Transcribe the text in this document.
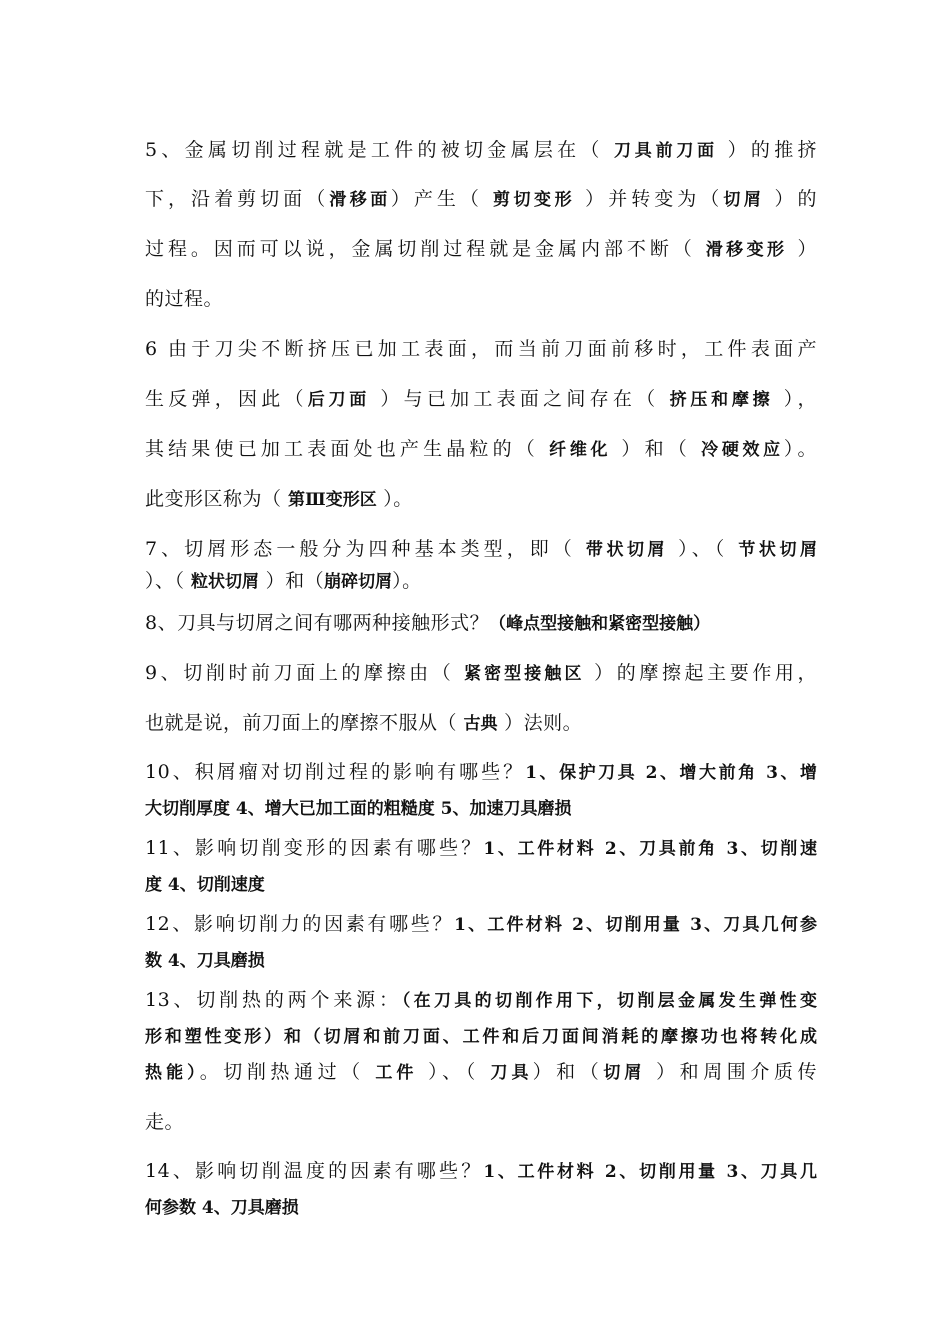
5、金属切削过程就是工件的被切金属层在（ 刀具前刀面 ）的推挤
下，沿着剪切面（滑移面）产生（ 剪切变形 ）并转变为（切屑 ）的
过程。因而可以说，金属切削过程就是金属内部不断（ 滑移变形 ）
的过程。
6 由于刀尖不断挤压已加工表面，而当前刀面前移时，工件表面产
生反弹，因此（后刀面 ）与已加工表面之间存在（ 挤压和摩擦 ），
其结果使已加工表面处也产生晶粒的（ 纤维化 ）和（ 冷硬效应）。
此变形区称为（ 第Ⅲ变形区 ）。
7、切屑形态一般分为四种基本类型，即（ 带状切屑 ）、（ 节状切屑
）、（ 粒状切屑 ）和（崩碎切屑）。
8、刀具与切屑之间有哪两种接触形式？（峰点型接触和紧密型接触）
9、切削时前刀面上的摩擦由（ 紧密型接触区 ）的摩擦起主要作用，
也就是说，前刀面上的摩擦不服从（ 古典 ）法则。
10、积屑瘤对切削过程的影响有哪些？1、保护刀具 2、增大前角 3、增
大切削厚度 4、增大已加工面的粗糙度 5、加速刀具磨损
11、影响切削变形的因素有哪些？1、工件材料 2、刀具前角 3、切削速
度 4、切削速度
12、影响切削力的因素有哪些？1、工件材料 2、切削用量 3、刀具几何参
数 4、刀具磨损
13、切削热的两个来源：（在刀具的切削作用下，切削层金属发生弹性变
形和塑性变形）和（切屑和前刀面、工件和后刀面间消耗的摩擦功也将转化成
热能）。切削热通过（ 工件 ）、（ 刀具）和（切屑 ）和周围介质传
走。
14、影响切削温度的因素有哪些？1、工件材料 2、切削用量 3、刀具几
何参数 4、刀具磨损
